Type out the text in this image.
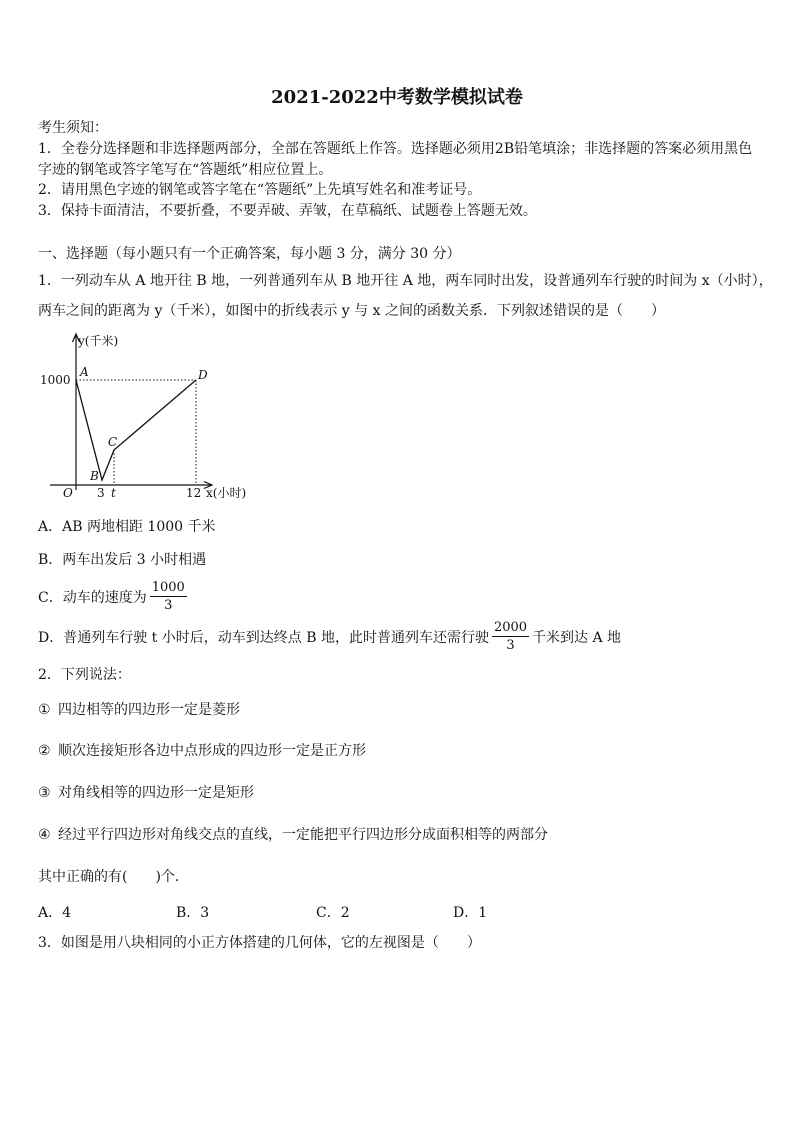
2021-2022中考数学模拟试卷
考生须知：
1．全卷分选择题和非选择题两部分，全部在答题纸上作答。选择题必须用2B铅笔填涂；非选择题的答案必须用黑色
字迹的钢笔或答字笔写在“答题纸”相应位置上。
2．请用黑色字迹的钢笔或答字笔在“答题纸”上先填写姓名和准考证号。
3．保持卡面清洁，不要折叠，不要弄破、弄皱，在草稿纸、试题卷上答题无效。
一、选择题（每小题只有一个正确答案，每小题 3 分，满分 30 分）
1．一列动车从 A 地开往 B 地，一列普通列车从 B 地开往 A 地，两车同时出发，设普通列车行驶的时间为 x（小时），
两车之间的距离为 y（千米），如图中的折线表示 y 与 x 之间的函数关系．下列叙述错误的是（　　）
y(千米)
x(小时)
1000
O 3 t	12
A
B
C
D
A．AB 两地相距 1000 千米
B．两车出发后 3 小时相遇
C． 动车的速度为 $\frac{1000}{3}$
D． 普通列车行驶 t 小时后，动车到达终点 B 地，此时普通列车还需行驶 $\frac{2000}{3}$ 千米到达 A 地
2．下列说法：
① 四边相等的四边形一定是菱形
② 顺次连接矩形各边中点形成的四边形一定是正方形
③ 对角线相等的四边形一定是矩形
④ 经过平行四边形对角线交点的直线，一定能把平行四边形分成面积相等的两部分
其中正确的有(　　)个．
A．4	B．3	C．2	D．1
3．如图是用八块相同的小正方体搭建的几何体，它的左视图是（　　）
